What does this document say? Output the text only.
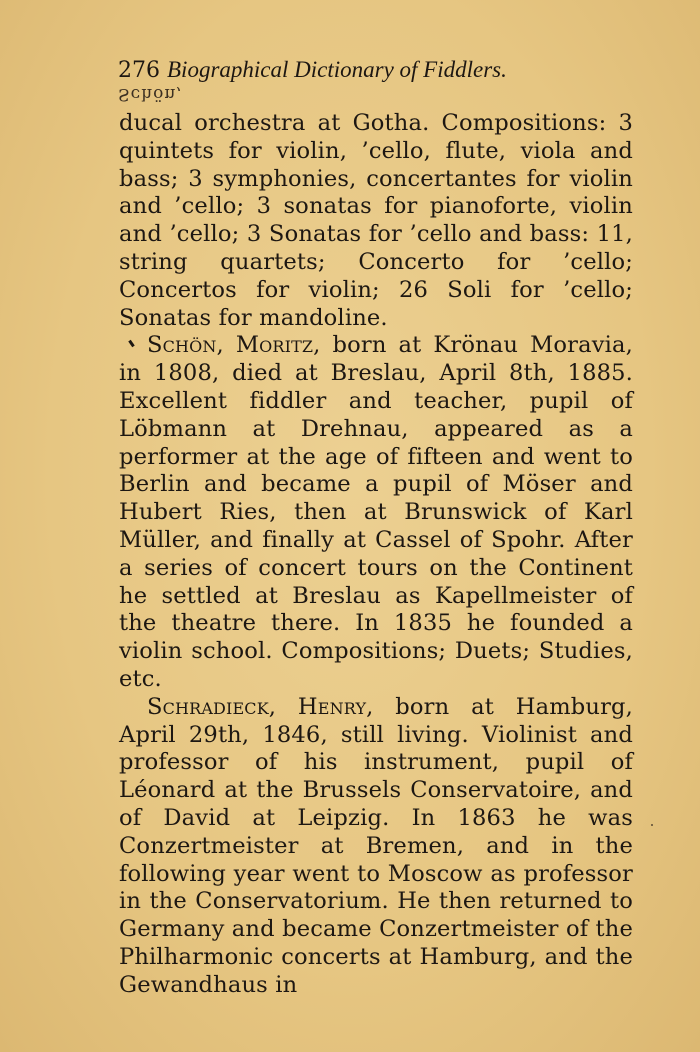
276 Biographical Dictionary of Fiddlers.
Schön,

ducal orchestra at Gotha. Compositions: 3 quintets for violin, ’cello, flute, viola and bass; 3 symphonies, concertantes for violin and ’cello; 3 sonatas for pianoforte, violin and ’cello; 3 Sonatas for ’cello and bass: 11, string quartets; Concerto for ’cello; Concertos for violin; 26 Soli for ’cello; Sonatas for mandoline.

Schön, Moritz, born at Krönau Moravia, in 1808, died at Breslau, April 8th, 1885. Excellent fiddler and teacher, pupil of Löbmann at Drehnau, appeared as a performer at the age of fifteen and went to Berlin and became a pupil of Möser and Hubert Ries, then at Brunswick of Karl Müller, and finally at Cassel of Spohr. After a series of concert tours on the Continent he settled at Breslau as Kapellmeister of the theatre there. In 1835 he founded a violin school. Compositions; Duets; Studies, etc.

Schradieck, Henry, born at Hamburg, April 29th, 1846, still living. Violinist and professor of his instrument, pupil of Léonard at the Brussels Conservatoire, and of David at Leipzig. In 1863 he was Conzertmeister at Bremen, and in the following year went to Moscow as professor in the Conservatorium. He then returned to Germany and became Conzertmeister of the Philharmonic concerts at Hamburg, and the Gewandhaus in
